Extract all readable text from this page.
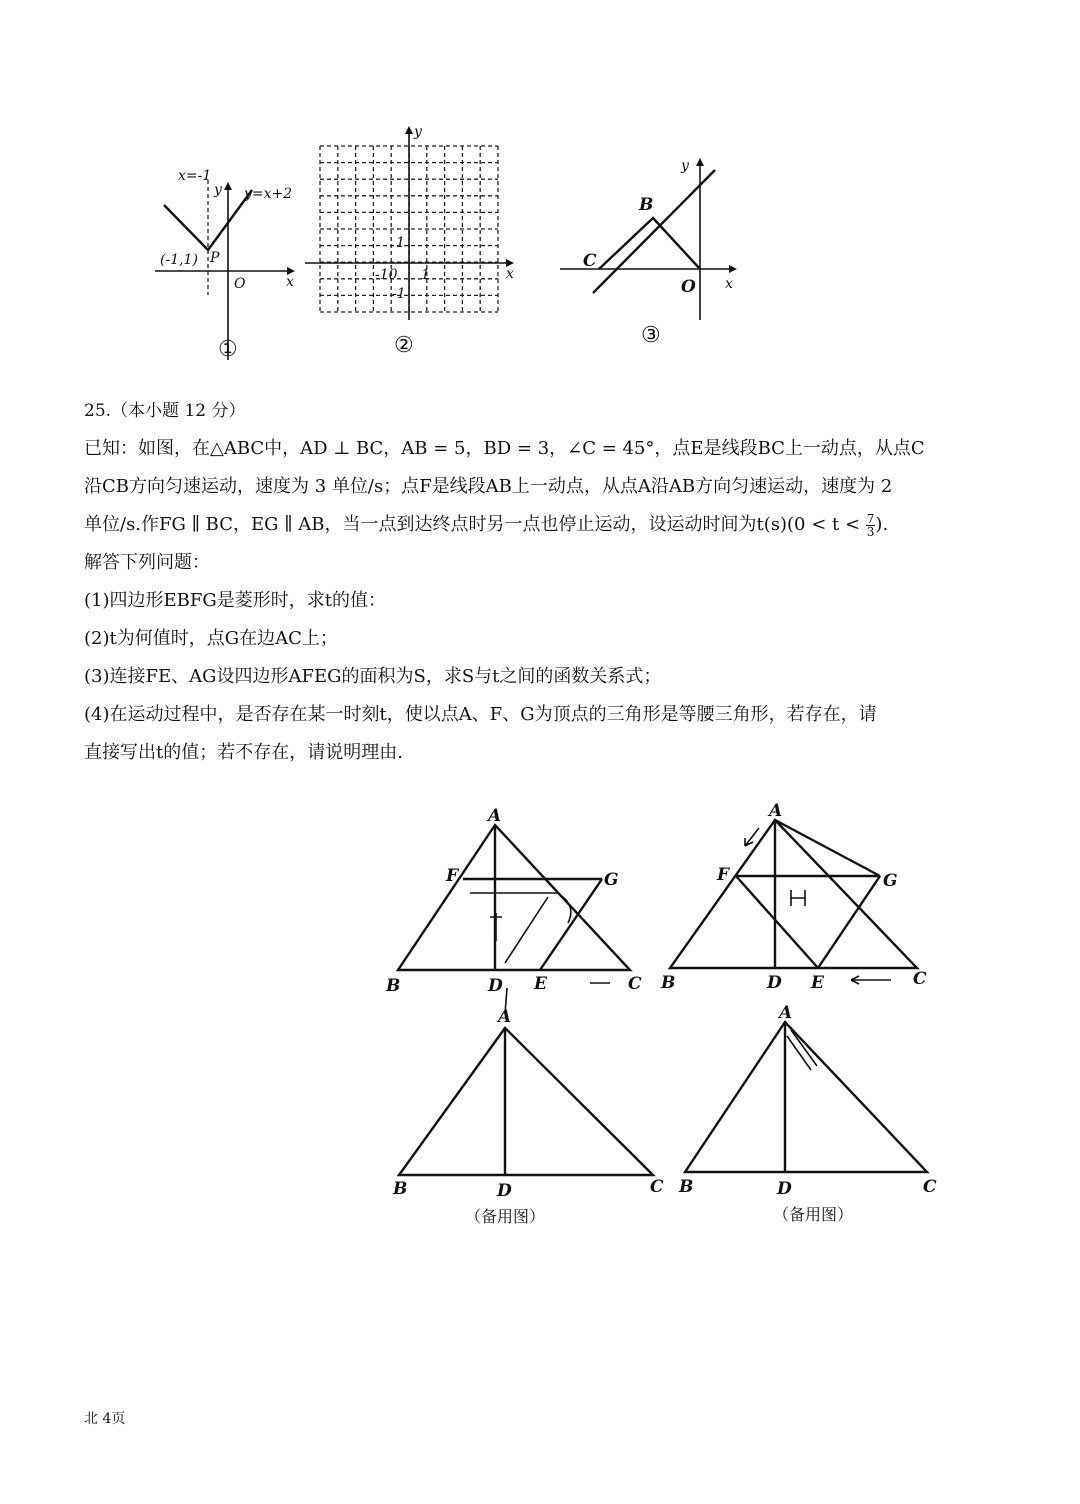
x=-1
y y=x+2
(-1,1) P
O	x
①
y
x
1
-10 1
-1
②
y
B
C
O x
③

25.（本小题 12 分）

已知：如图，在△ABC中，AD ⊥ BC，AB = 5，BD = 3，∠C = 45°，点E是线段BC上一动点，从点C

沿CB方向匀速运动，速度为 3 单位/s；点F是线段AB上一动点，从点A沿AB方向匀速运动，速度为 2

单位/s.作FG ∥ BC，EG ∥ AB，当一点到达终点时另一点也停止运动，设运动时间为$t(s)(0 < t < \frac{7}{3}$ ).

解答下列问题：

(1)四边形EBFG是菱形时，求t的值：

(2)t为何值时，点G在边AC上；

(3)连接FE、AG设四边形AFEG的面积为S，求S与t之间的函数关系式；

(4)在运动过程中，是否存在某一时刻t，使以点A、F、G为顶点的三角形是等腰三角形，若存在，请

直接写出t的值；若不存在，请说明理由.

A
F	G
B	D E	C
A
F	G
B	D E	C
A
B	D	C
（备用图）
A
B	D	C
（备用图）
北 4页
